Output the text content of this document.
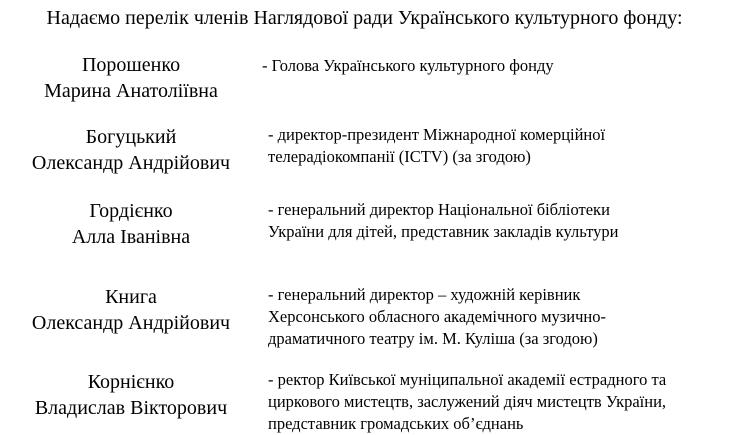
Надаємо перелік членів Наглядової ради Українського культурного фонду:
Порошенко
Марина Анатоліївна
- Голова Українського культурного фонду
Богуцький
Олександр Андрійович
- директор-президент Міжнародної комерційної
телерадіокомпанії (ICTV) (за згодою)
Гордієнко
Алла Іванівна
- генеральний директор Національної бібліотеки
України для дітей, представник закладів культури
Книга
Олександр Андрійович
- генеральний директор – художній керівник
Херсонського обласного академічного музично-
драматичного театру ім. М. Куліша (за згодою)
Корнієнко
Владислав Вікторович
- ректор Київської муніципальної академії естрадного та
циркового мистецтв, заслужений діяч мистецтв України,
представник громадських об’єднань
